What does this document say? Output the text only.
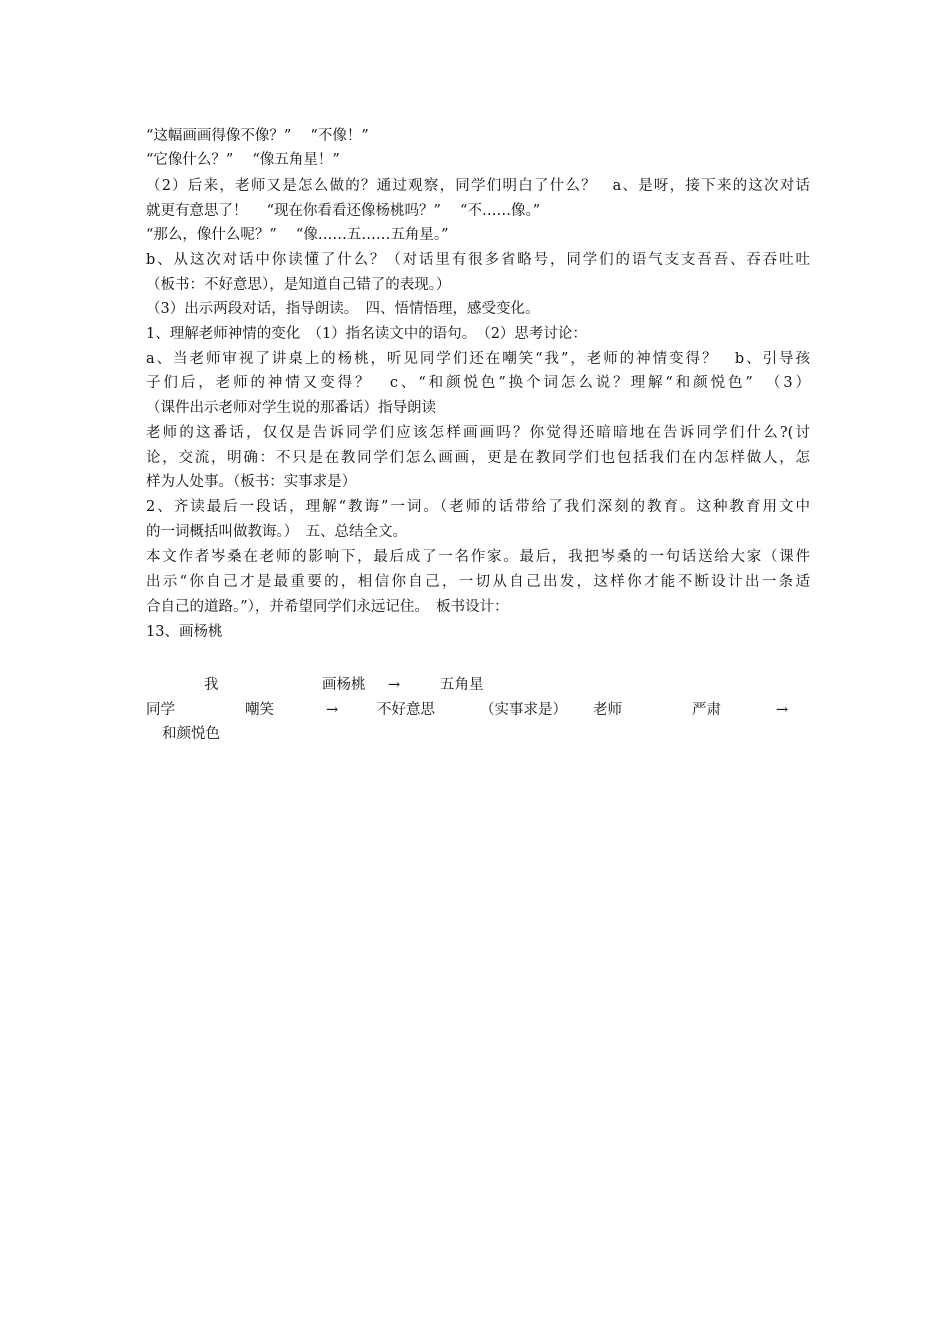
“这幅画画得像不像？”　 “不像！”
“它像什么？”　 “像五角星！”
（2）后来，老师又是怎么做的？通过观察，同学们明白了什么？　a、是呀，接下来的这次对话
就更有意思了！　 “现在你看看还像杨桃吗？”　 “不……像。”
“那么，像什么呢？”　 “像……五……五角星。”
b、从这次对话中你读懂了什么？（对话里有很多省略号，同学们的语气支支吾吾、吞吞吐吐
（板书：不好意思），是知道自己错了的表现。）
（3）出示两段对话，指导朗读。　四、悟情悟理，感受变化。
1、理解老师神情的变化　（1）指名读文中的语句。　（2）思考讨论：
a、当老师审视了讲桌上的杨桃，听见同学们还在嘲笑“我”，老师的神情变得？　b、引导孩
子们后，老师的神情又变得？　c、“和颜悦色”换个词怎么说？理解“和颜悦色”　（3）
（课件出示老师对学生说的那番话）指导朗读
老师的这番话，仅仅是告诉同学们应该怎样画画吗？你觉得还暗暗地在告诉同学们什么?(讨
论，交流，明确：不只是在教同学们怎么画画，更是在教同学们也包括我们在内怎样做人，怎
样为人处事。（板书：实事求是）
2、齐读最后一段话，理解“教诲”一词。（老师的话带给了我们深刻的教育。这种教育用文中
的一词概括叫做教诲。）　五、总结全文。
本文作者岑桑在老师的影响下，最后成了一名作家。最后，我把岑桑的一句话送给大家（课件
出示“你自己才是最重要的，相信你自己，一切从自己出发，这样你才能不断设计出一条适
合自己的道路。”），并希望同学们永远记住。　板书设计：
13、画杨桃
我	画杨桃 →	五角星
同学	嘲笑	→	不好意思	（实事求是） 老师	严肃	→
和颜悦色
